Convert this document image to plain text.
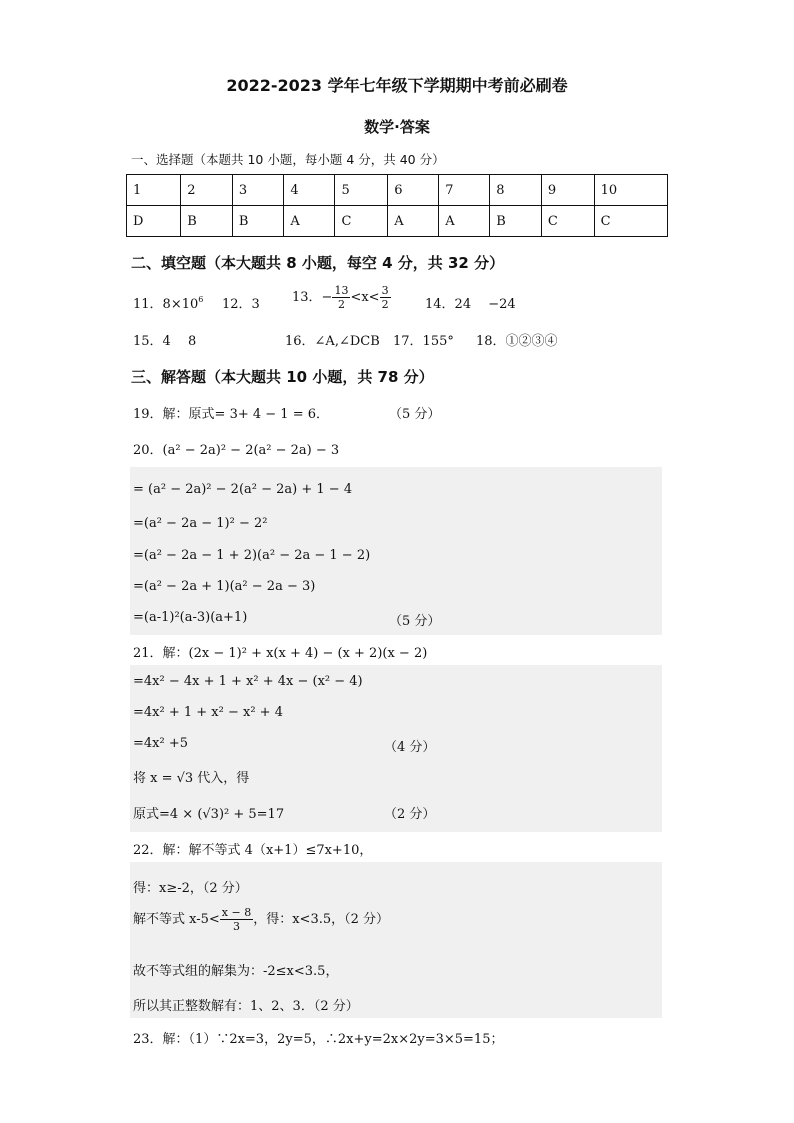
2022-2023 学年七年级下学期期中考前必刷卷
数学·答案
一、选择题（本题共 10 小题，每小题 4 分，共 40 分）
1	2	3	4	5	6	7	8	9	10
D	B	B	A	C	A	A	B	C	C
二、填空题（本大题共 8 小题，每空 4 分，共 32 分）
11．$8\times 10^6$ 12．3 13．− $\frac{13}{2} <x< \frac{3}{2}$	14．24　 −24
15．4　 8	16．∠A,∠DCB 17．155° 18．①②③④
三、解答题（本大题共 10 小题，共 78 分）
19．解：原式= 3+ 4 − 1 = 6．	（5 分）
20．(a² − 2a)² − 2(a² − 2a) − 3
= (a² − 2a)² − 2(a² − 2a) + 1 − 4
=(a² − 2a − 1)² − 2²
=(a² − 2a − 1 + 2)(a² − 2a − 1 − 2)
=(a² − 2a + 1)(a² − 2a − 3)
=(a-1)²(a-3)(a+1)	（5 分）
21．解：(2x − 1)² + x(x + 4) − (x + 2)(x − 2)
=4x² − 4x + 1 + x² + 4x − (x² − 4)
=4x² + 1 + x² − x² + 4
=4x² +5	（4 分）
将 x = √3 代入，得
原式=4 × (√3)² + 5=17	（2 分）
22．解：解不等式 4（x+1）≤7x+10，
得：x≥-2，（2 分）
解不等式 $x-5< \frac{x - 8}{3}$ ，得：x<3.5，（2 分）
故不等式组的解集为：-2≤x<3.5，
所以其正整数解有：1、2、3．（2 分）
23．解：（1）∵2x=3，2y=5，∴2x+y=2x×2y=3×5=15；
